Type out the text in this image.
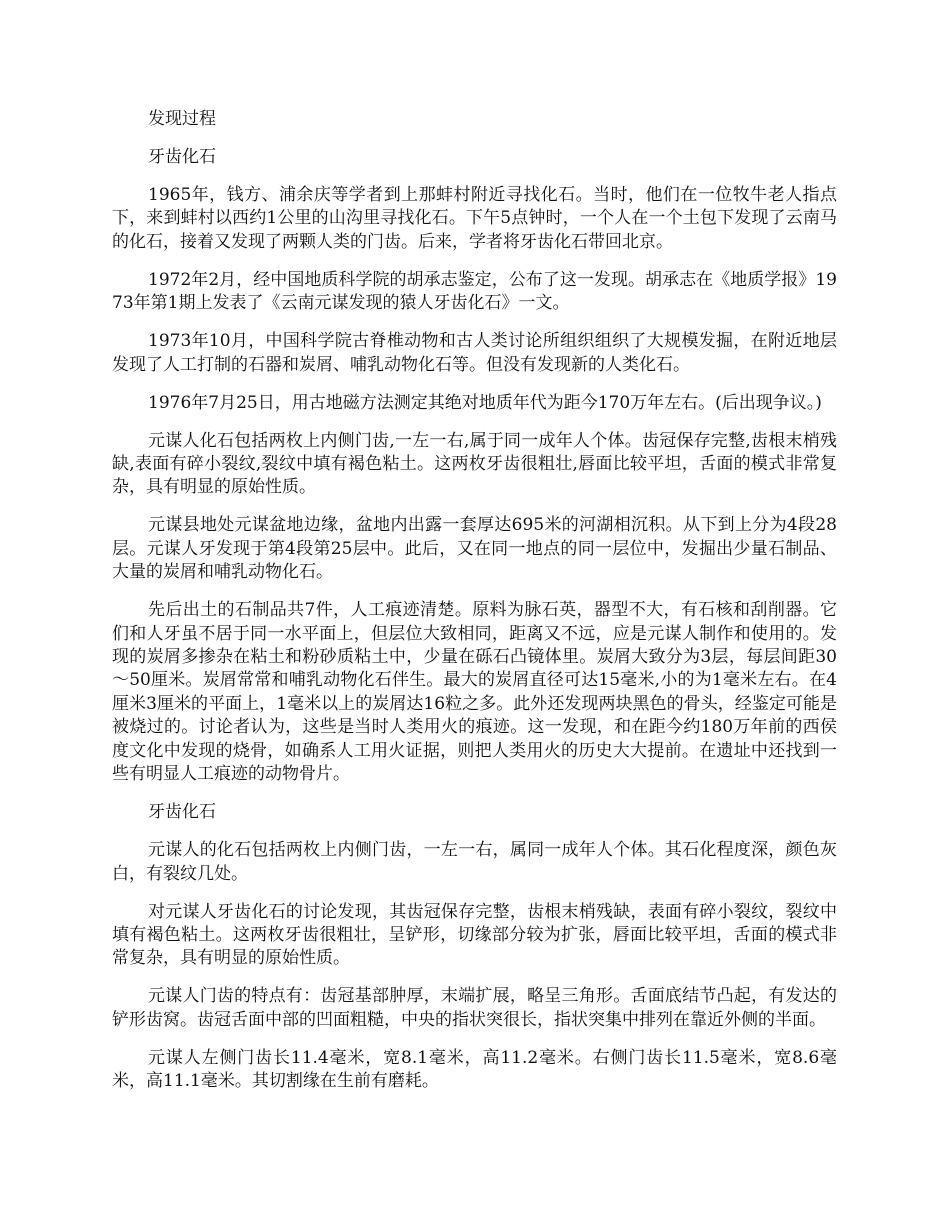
发现过程

牙齿化石

1965年，钱方、浦余庆等学者到上那蚌村附近寻找化石。当时，他们在一位牧牛老人指点下，来到蚌村以西约1公里的山沟里寻找化石。下午5点钟时，一个人在一个土包下发现了云南马的化石，接着又发现了两颗人类的门齿。后来，学者将牙齿化石带回北京。

1972年2月，经中国地质科学院的胡承志鉴定，公布了这一发现。胡承志在《地质学报》1973年第1期上发表了《云南元谋发现的猿人牙齿化石》一文。

1973年10月，中国科学院古脊椎动物和古人类讨论所组织组织了大规模发掘，在附近地层发现了人工打制的石器和炭屑、哺乳动物化石等。但没有发现新的人类化石。

1976年7月25日，用古地磁方法测定其绝对地质年代为距今170万年左右。(后出现争议。)

元谋人化石包括两枚上内侧门齿,一左一右,属于同一成年人个体。齿冠保存完整,齿根末梢残缺,表面有碎小裂纹,裂纹中填有褐色粘土。这两枚牙齿很粗壮,唇面比较平坦，舌面的模式非常复杂，具有明显的原始性质。

元谋县地处元谋盆地边缘，盆地内出露一套厚达695米的河湖相沉积。从下到上分为4段28层。元谋人牙发现于第4段第25层中。此后，又在同一地点的同一层位中，发掘出少量石制品、大量的炭屑和哺乳动物化石。

先后出土的石制品共7件，人工痕迹清楚。原料为脉石英，器型不大，有石核和刮削器。它们和人牙虽不居于同一水平面上，但层位大致相同，距离又不远，应是元谋人制作和使用的。发现的炭屑多掺杂在粘土和粉砂质粘土中，少量在砾石凸镜体里。炭屑大致分为3层，每层间距30～50厘米。炭屑常常和哺乳动物化石伴生。最大的炭屑直径可达15毫米,小的为1毫米左右。在4厘米3厘米的平面上，1毫米以上的炭屑达16粒之多。此外还发现两块黑色的骨头，经鉴定可能是被烧过的。讨论者认为，这些是当时人类用火的痕迹。这一发现，和在距今约180万年前的西侯度文化中发现的烧骨，如确系人工用火证据，则把人类用火的历史大大提前。在遗址中还找到一些有明显人工痕迹的动物骨片。

牙齿化石

元谋人的化石包括两枚上内侧门齿，一左一右，属同一成年人个体。其石化程度深，颜色灰白，有裂纹几处。

对元谋人牙齿化石的讨论发现，其齿冠保存完整，齿根末梢残缺，表面有碎小裂纹，裂纹中填有褐色粘土。这两枚牙齿很粗壮，呈铲形，切缘部分较为扩张，唇面比较平坦，舌面的模式非常复杂，具有明显的原始性质。

元谋人门齿的特点有：齿冠基部肿厚，末端扩展，略呈三角形。舌面底结节凸起，有发达的铲形齿窝。齿冠舌面中部的凹面粗糙，中央的指状突很长，指状突集中排列在靠近外侧的半面。

元谋人左侧门齿长11.4毫米，宽8.1毫米，高11.2毫米。右侧门齿长11.5毫米，宽8.6毫米，高11.1毫米。其切割缘在生前有磨耗。
